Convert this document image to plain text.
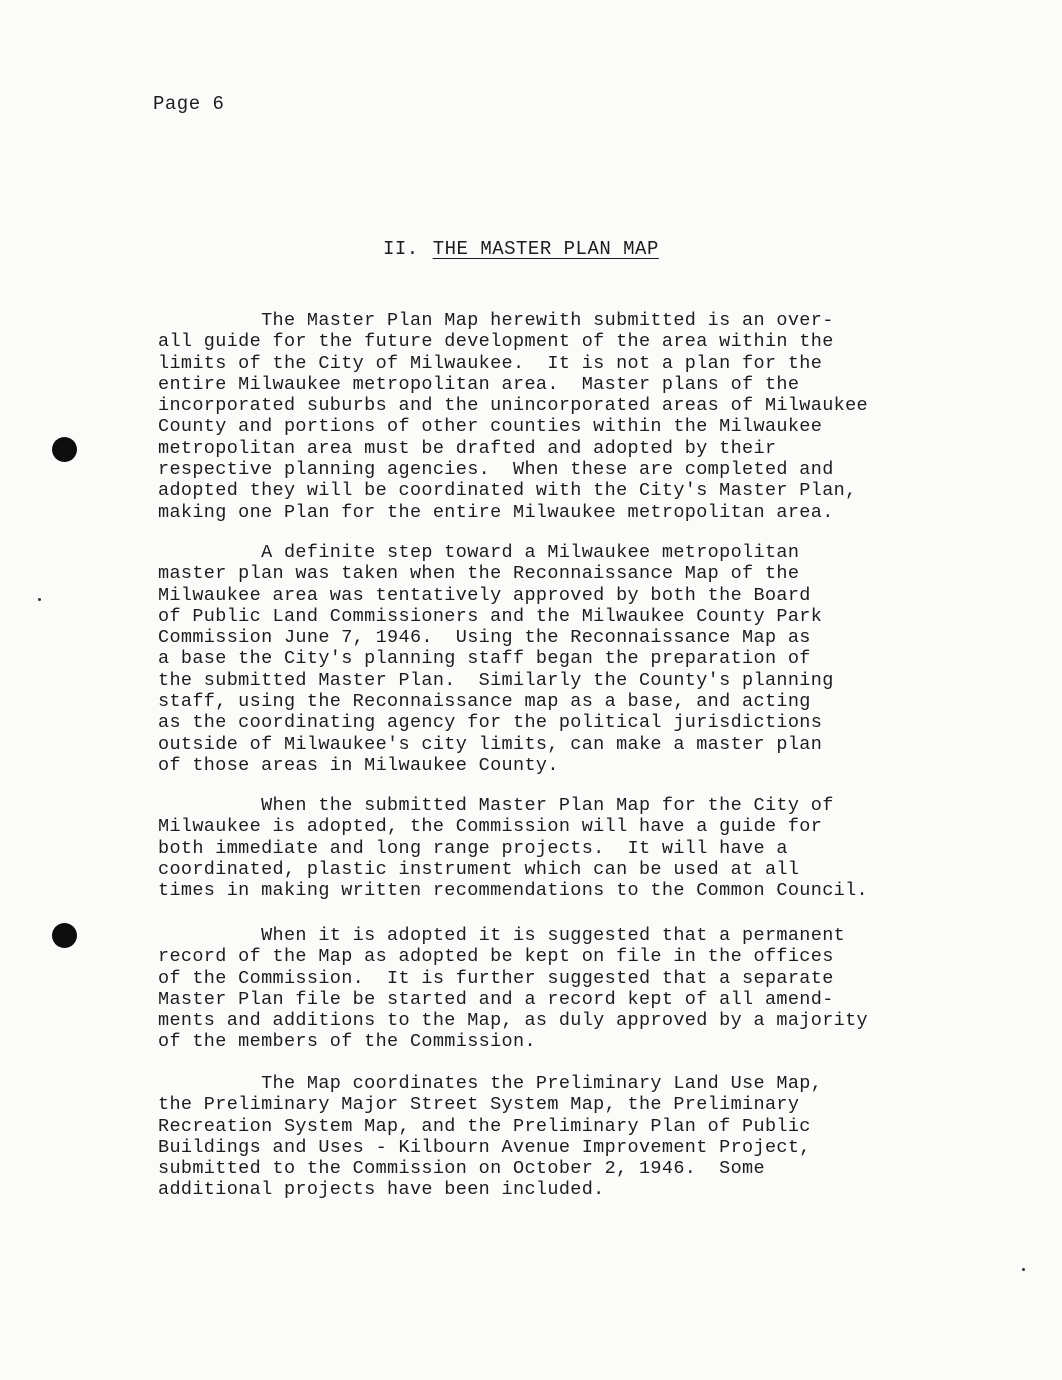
Page 6
II. THE MASTER PLAN MAP

The Master Plan Map herewith submitted is an over-
all guide for the future development of the area within the
limits of the City of Milwaukee.  It is not a plan for the
entire Milwaukee metropolitan area.  Master plans of the
incorporated suburbs and the unincorporated areas of Milwaukee
County and portions of other counties within the Milwaukee
metropolitan area must be drafted and adopted by their
respective planning agencies.  When these are completed and
adopted they will be coordinated with the City's Master Plan,
making one Plan for the entire Milwaukee metropolitan area.

A definite step toward a Milwaukee metropolitan
master plan was taken when the Reconnaissance Map of the
Milwaukee area was tentatively approved by both the Board
of Public Land Commissioners and the Milwaukee County Park
Commission June 7, 1946.  Using the Reconnaissance Map as
a base the City's planning staff began the preparation of
the submitted Master Plan.  Similarly the County's planning
staff, using the Reconnaissance map as a base, and acting
as the coordinating agency for the political jurisdictions
outside of Milwaukee's city limits, can make a master plan
of those areas in Milwaukee County.

When the submitted Master Plan Map for the City of
Milwaukee is adopted, the Commission will have a guide for
both immediate and long range projects.  It will have a
coordinated, plastic instrument which can be used at all
times in making written recommendations to the Common Council.

When it is adopted it is suggested that a permanent
record of the Map as adopted be kept on file in the offices
of the Commission.  It is further suggested that a separate
Master Plan file be started and a record kept of all amend-
ments and additions to the Map, as duly approved by a majority
of the members of the Commission.

The Map coordinates the Preliminary Land Use Map,
the Preliminary Major Street System Map, the Preliminary
Recreation System Map, and the Preliminary Plan of Public
Buildings and Uses - Kilbourn Avenue Improvement Project,
submitted to the Commission on October 2, 1946.  Some
additional projects have been included.
